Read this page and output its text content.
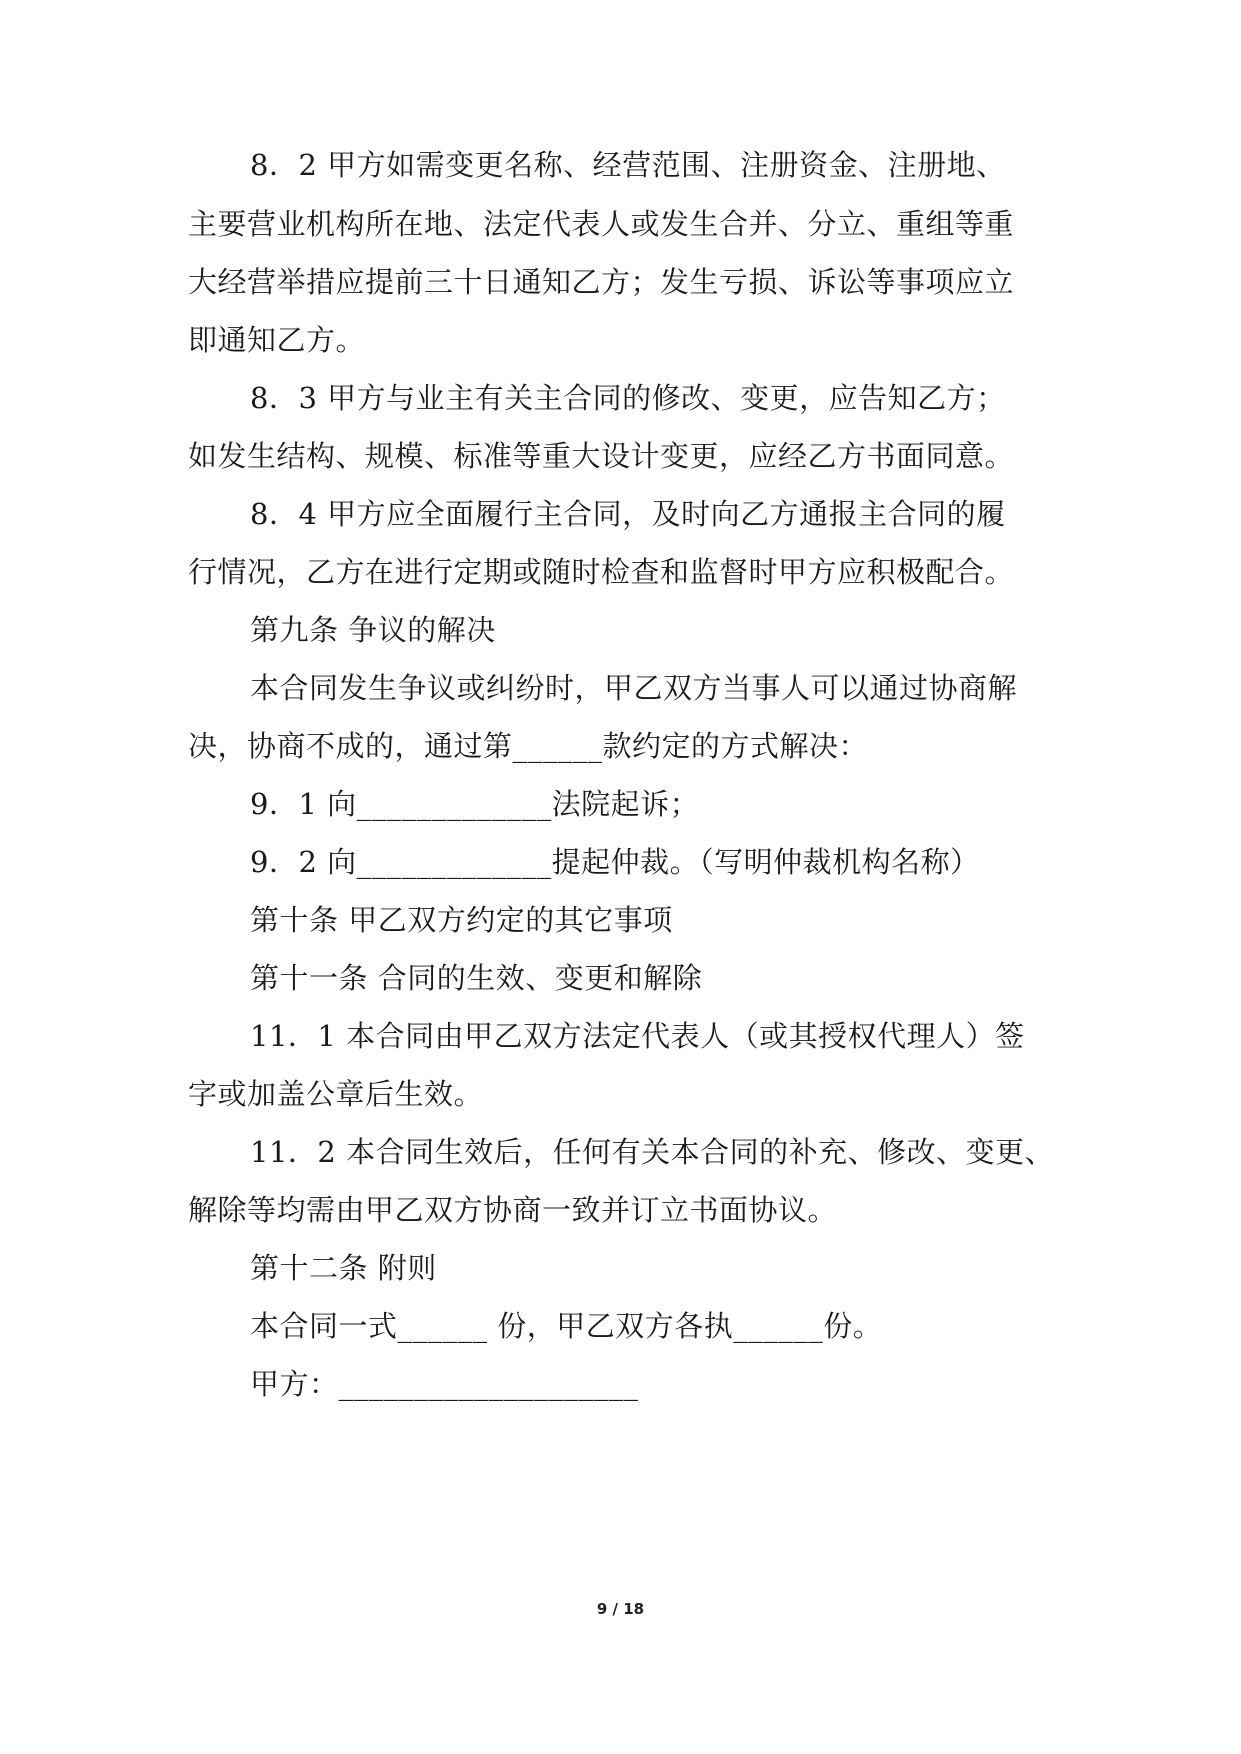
8．2 甲方如需变更名称、经营范围、注册资金、注册地、
主要营业机构所在地、法定代表人或发生合并、分立、重组等重
大经营举措应提前三十日通知乙方；发生亏损、诉讼等事项应立
即通知乙方。
8．3 甲方与业主有关主合同的修改、变更，应告知乙方；
如发生结构、规模、标准等重大设计变更，应经乙方书面同意。
8．4 甲方应全面履行主合同，及时向乙方通报主合同的履
行情况，乙方在进行定期或随时检查和监督时甲方应积极配合。
第九条 争议的解决
本合同发生争议或纠纷时，甲乙双方当事人可以通过协商解
决，协商不成的，通过第______款约定的方式解决：
9．1 向_____________法院起诉；
9．2 向_____________提起仲裁。（写明仲裁机构名称）
第十条 甲乙双方约定的其它事项
第十一条 合同的生效、变更和解除
11．1 本合同由甲乙双方法定代表人（或其授权代理人）签
字或加盖公章后生效。
11．2 本合同生效后，任何有关本合同的补充、修改、变更、
解除等均需由甲乙双方协商一致并订立书面协议。
第十二条 附则
本合同一式______ 份，甲乙双方各执______份。
甲方：____________________
9 / 18
